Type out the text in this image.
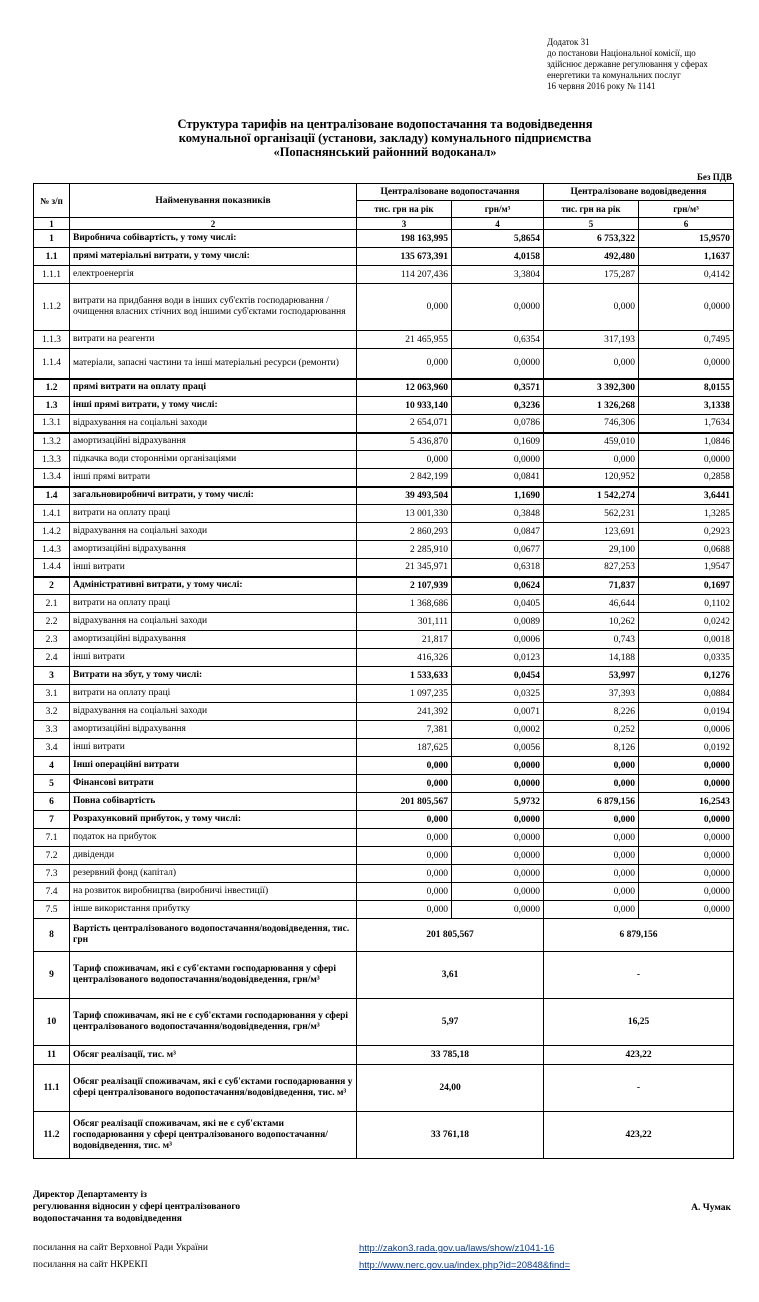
Додаток 31
до постанови Національної комісії, що
здійснює державне регулювання у сферах
енергетики та комунальних послуг
16 червня 2016 року № 1141
Структура тарифів на централізоване водопостачання та водовідведення
комунальної організації (установи, закладу) комунального підприємства
«Попаснянський районний водоканал»
Без ПДВ
№ з/п	Найменування показників	Централізоване водопостачання		Централізоване водовідведення	
		тис. грн на рік	грн/м³	тис. грн на рік	грн/м³
1	2	3	4	5	6
1	Виробнича собівартість, у тому числі:	198 163,995	5,8654	6 753,322	15,9570
1.1	прямі матеріальні витрати, у тому числі:	135 673,391	4,0158	492,480	1,1637
1.1.1	електроенергія	114 207,436	3,3804	175,287	0,4142
1.1.2	витрати на придбання води в інших суб'єктів господарювання / очищення власних стічних вод іншими суб'єктами господарювання	0,000	0,0000	0,000	0,0000
1.1.3	витрати на реагенти	21 465,955	0,6354	317,193	0,7495
1.1.4	матеріали, запасні частини та інші матеріальні ресурси (ремонти)	0,000	0,0000	0,000	0,0000
1.2	прямі витрати на оплату праці	12 063,960	0,3571	3 392,300	8,0155
1.3	інші прямі витрати, у тому числі:	10 933,140	0,3236	1 326,268	3,1338
1.3.1	відрахування на соціальні заходи	2 654,071	0,0786	746,306	1,7634
1.3.2	амортизаційні відрахування	5 436,870	0,1609	459,010	1,0846
1.3.3	підкачка води сторонніми організаціями	0,000	0,0000	0,000	0,0000
1.3.4	інші прямі витрати	2 842,199	0,0841	120,952	0,2858
1.4	загальновиробничі витрати, у тому числі:	39 493,504	1,1690	1 542,274	3,6441
1.4.1	витрати на оплату праці	13 001,330	0,3848	562,231	1,3285
1.4.2	відрахування на соціальні заходи	2 860,293	0,0847	123,691	0,2923
1.4.3	амортизаційні відрахування	2 285,910	0,0677	29,100	0,0688
1.4.4	інші витрати	21 345,971	0,6318	827,253	1,9547
2	Адміністративні витрати, у тому числі:	2 107,939	0,0624	71,837	0,1697
2.1	витрати на оплату праці	1 368,686	0,0405	46,644	0,1102
2.2	відрахування на соціальні заходи	301,111	0,0089	10,262	0,0242
2.3	амортизаційні відрахування	21,817	0,0006	0,743	0,0018
2.4	інші витрати	416,326	0,0123	14,188	0,0335
3	Витрати на збут, у тому числі:	1 533,633	0,0454	53,997	0,1276
3.1	витрати на оплату праці	1 097,235	0,0325	37,393	0,0884
3.2	відрахування на соціальні заходи	241,392	0,0071	8,226	0,0194
3.3	амортизаційні відрахування	7,381	0,0002	0,252	0,0006
3.4	інші витрати	187,625	0,0056	8,126	0,0192
4	Інші операційні витрати	0,000	0,0000	0,000	0,0000
5	Фінансові витрати	0,000	0,0000	0,000	0,0000
6	Повна собівартість	201 805,567	5,9732	6 879,156	16,2543
7	Розрахунковий прибуток, у тому числі:	0,000	0,0000	0,000	0,0000
7.1	податок на прибуток	0,000	0,0000	0,000	0,0000
7.2	дивіденди	0,000	0,0000	0,000	0,0000
7.3	резервний фонд (капітал)	0,000	0,0000	0,000	0,0000
7.4	на розвиток виробництва (виробничі інвестиції)	0,000	0,0000	0,000	0,0000
7.5	інше використання прибутку	0,000	0,0000	0,000	0,0000
8	Вартість централізованого водопостачання/водовідведення, тис. грн	201 805,567		6 879,156	
9	Тариф споживачам, які є суб'єктами господарювання у сфері централізованого водопостачання/водовідведення, грн/м³	3,61		-	
10	Тариф споживачам, які не є суб'єктами господарювання у сфері централізованого водопостачання/водовідведення, грн/м³	5,97		16,25	
11	Обсяг реалізації, тис. м³	33 785,18		423,22	
11.1	Обсяг реалізації споживачам, які є суб'єктами господарювання у сфері централізованого водопостачання/водовідведення, тис. м³	24,00		-	
11.2	Обсяг реалізації споживачам, які не є суб'єктами господарювання у сфері централізованого водопостачання/водовідведення, тис. м³	33 761,18		423,22	
Директор Департаменту із
регулювання відносин у сфері централізованого
водопостачання та водовідведення
А. Чумак
посилання на сайт Верховної Ради України	http://zakon3.rada.gov.ua/laws/show/z1041-16
посилання на сайт НКРЕКП	http://www.nerc.gov.ua/index.php?id=20848&find=
